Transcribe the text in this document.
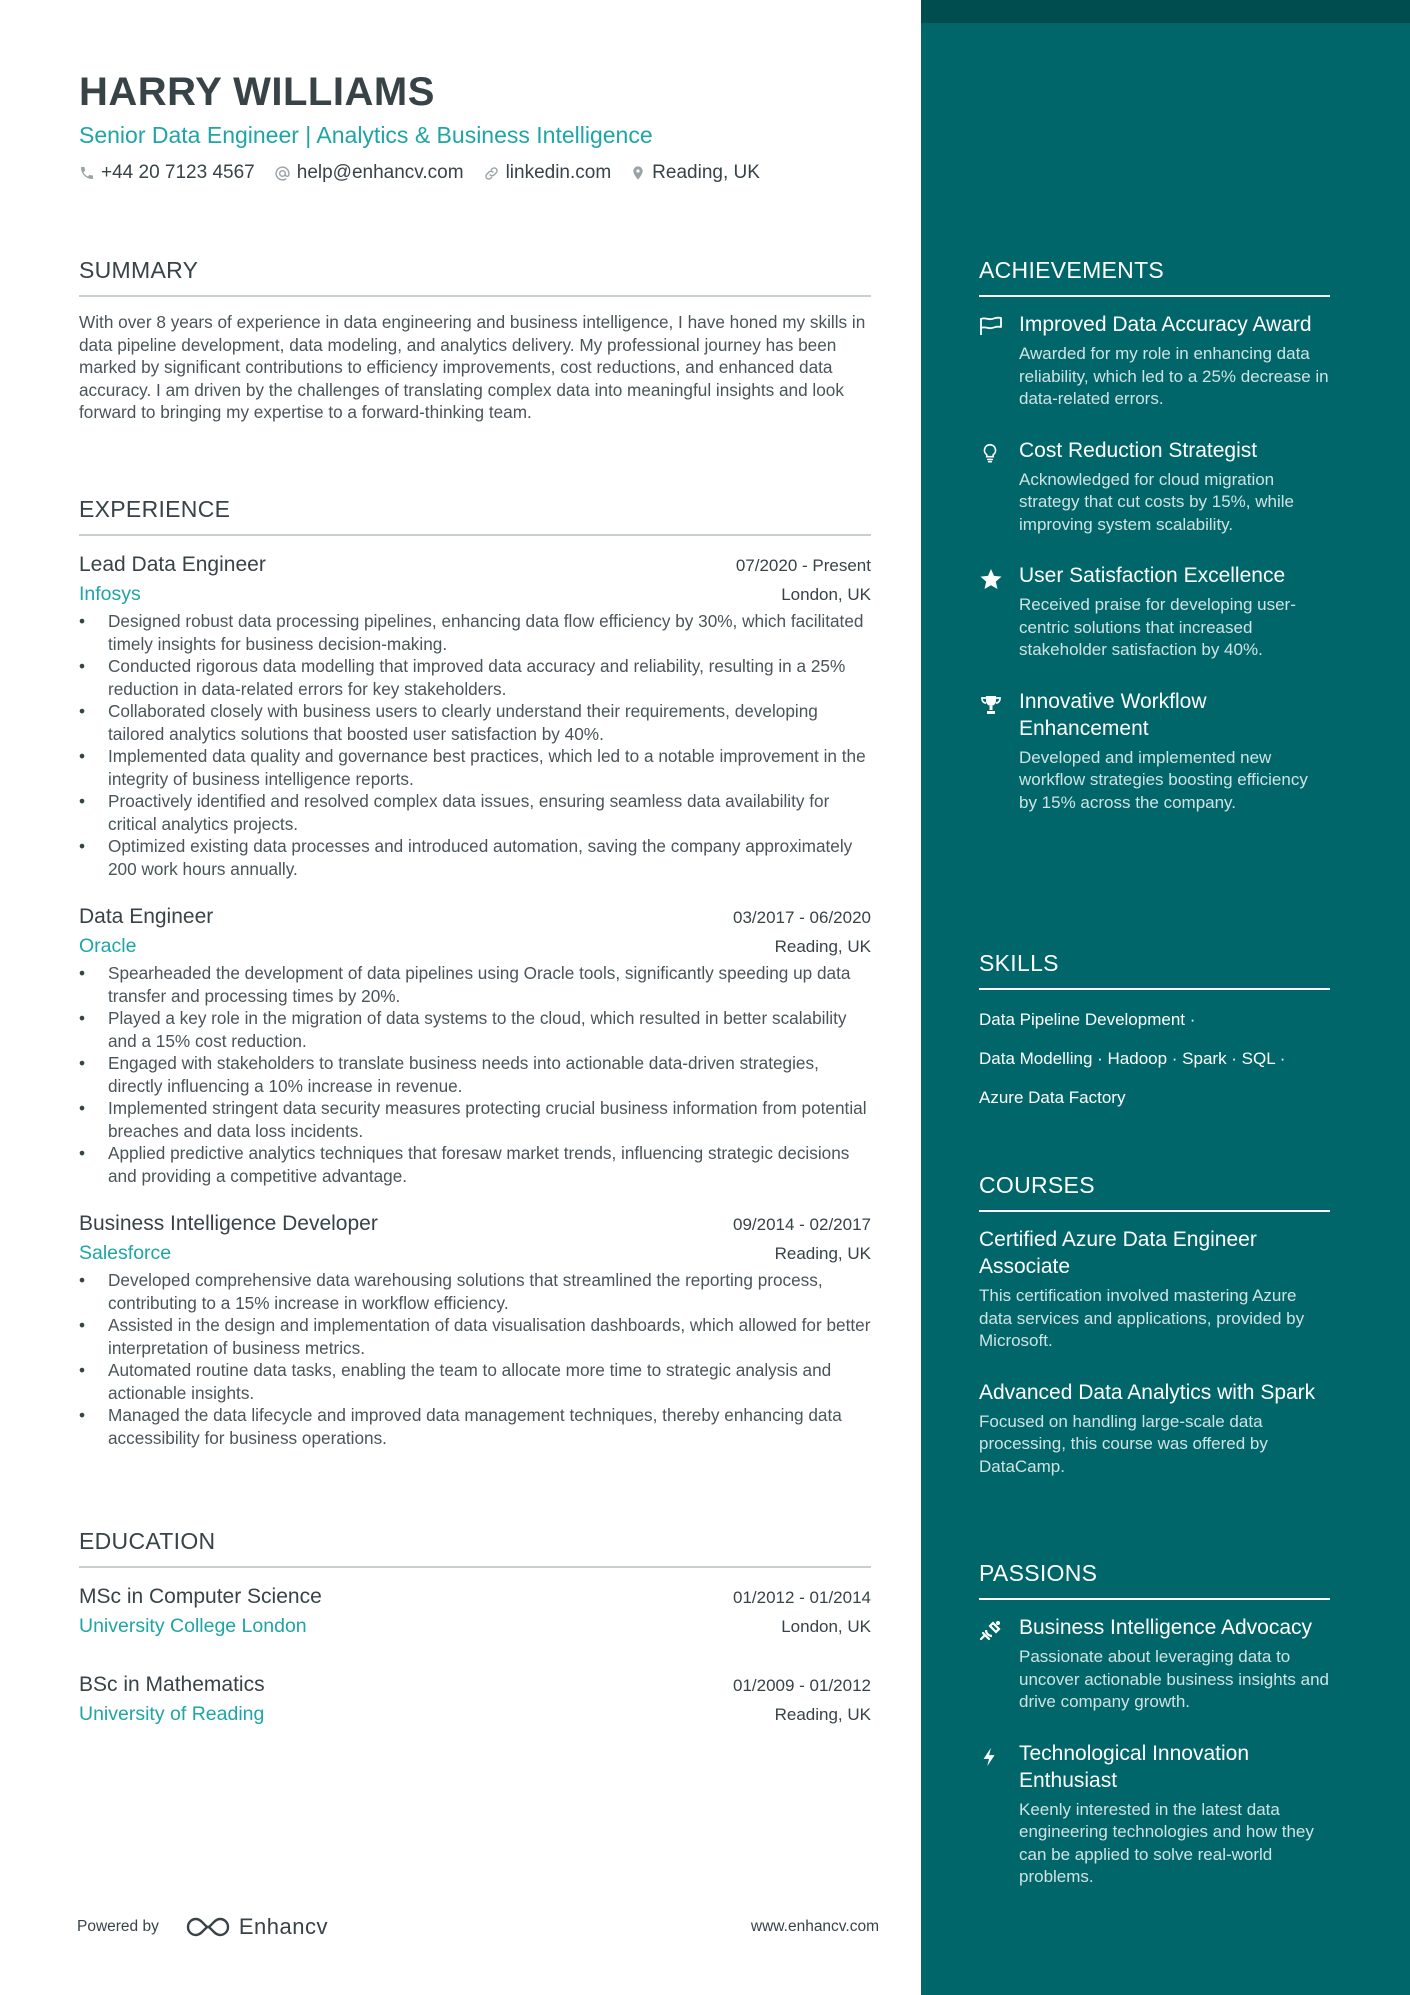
HARRY WILLIAMS
Senior Data Engineer | Analytics & Business Intelligence
+44 20 7123 4567 help@enhancv.com linkedin.com Reading, UK
SUMMARY
With over 8 years of experience in data engineering and business intelligence, I have honed my skills in data pipeline development, data modeling, and analytics delivery. My professional journey has been marked by significant contributions to efficiency improvements, cost reductions, and enhanced data accuracy. I am driven by the challenges of translating complex data into meaningful insights and look forward to bringing my expertise to a forward-thinking team.
EXPERIENCE
Lead Data Engineer	07/2020 - Present
Infosys	London, UK
• Designed robust data processing pipelines, enhancing data flow efficiency by 30%, which facilitated timely insights for business decision-making.
• Conducted rigorous data modelling that improved data accuracy and reliability, resulting in a 25% reduction in data-related errors for key stakeholders.
• Collaborated closely with business users to clearly understand their requirements, developing tailored analytics solutions that boosted user satisfaction by 40%.
• Implemented data quality and governance best practices, which led to a notable improvement in the integrity of business intelligence reports.
• Proactively identified and resolved complex data issues, ensuring seamless data availability for critical analytics projects.
• Optimized existing data processes and introduced automation, saving the company approximately 200 work hours annually.
Data Engineer	03/2017 - 06/2020
Oracle	Reading, UK
• Spearheaded the development of data pipelines using Oracle tools, significantly speeding up data transfer and processing times by 20%.
• Played a key role in the migration of data systems to the cloud, which resulted in better scalability and a 15% cost reduction.
• Engaged with stakeholders to translate business needs into actionable data-driven strategies, directly influencing a 10% increase in revenue.
• Implemented stringent data security measures protecting crucial business information from potential breaches and data loss incidents.
• Applied predictive analytics techniques that foresaw market trends, influencing strategic decisions and providing a competitive advantage.
Business Intelligence Developer	09/2014 - 02/2017
Salesforce	Reading, UK
• Developed comprehensive data warehousing solutions that streamlined the reporting process, contributing to a 15% increase in workflow efficiency.
• Assisted in the design and implementation of data visualisation dashboards, which allowed for better interpretation of business metrics.
• Automated routine data tasks, enabling the team to allocate more time to strategic analysis and actionable insights.
• Managed the data lifecycle and improved data management techniques, thereby enhancing data accessibility for business operations.
EDUCATION
MSc in Computer Science	01/2012 - 01/2014
University College London	London, UK
BSc in Mathematics	01/2009 - 01/2012
University of Reading	Reading, UK
Powered by	Enhancv	www.enhancv.com
ACHIEVEMENTS
Improved Data Accuracy Award
Awarded for my role in enhancing data reliability, which led to a 25% decrease in data-related errors.
Cost Reduction Strategist
Acknowledged for cloud migration strategy that cut costs by 15%, while improving system scalability.
User Satisfaction Excellence
Received praise for developing user-centric solutions that increased stakeholder satisfaction by 40%.
Innovative Workflow Enhancement
Developed and implemented new workflow strategies boosting efficiency by 15% across the company.
SKILLS
Data Pipeline Development ·
Data Modelling · Hadoop · Spark · SQL ·
Azure Data Factory
COURSES
Certified Azure Data Engineer Associate
This certification involved mastering Azure data services and applications, provided by Microsoft.
Advanced Data Analytics with Spark
Focused on handling large-scale data processing, this course was offered by DataCamp.
PASSIONS
Business Intelligence Advocacy
Passionate about leveraging data to uncover actionable business insights and drive company growth.
Technological Innovation Enthusiast
Keenly interested in the latest data engineering technologies and how they can be applied to solve real-world problems.
